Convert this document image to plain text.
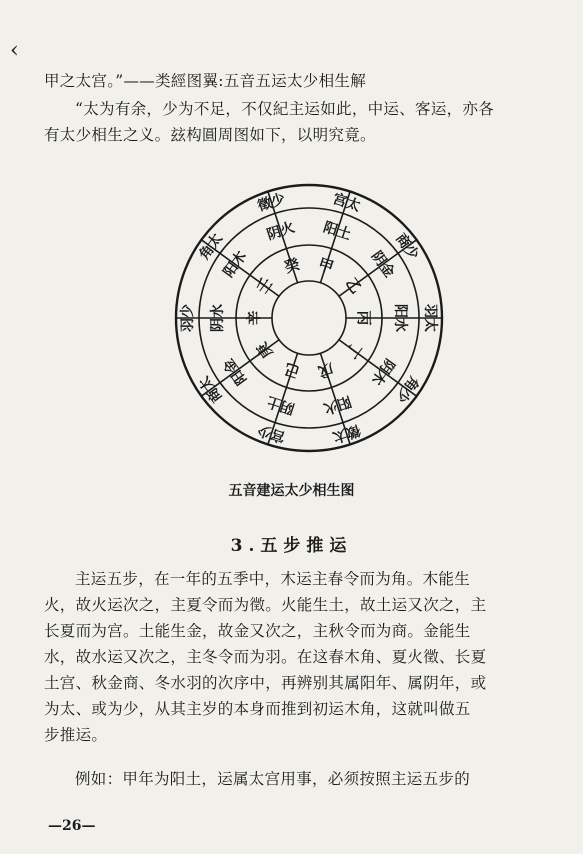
‹
甲之太宫。”——类經图翼:五音五运太少相生解
“太为有余，少为不足，不仅紀主运如此，中运、客运，亦各
有太少相生之义。玆构圓周图如下，以明究竟。
甲
乙
丙
丁
戊
己
庚
辛
壬
癸
阳土
阴金
阳水
阴木
阳火
阴土
阳金
阴水
阳木
阴火
宫太
商少
羽太
角少
徵太
宫少
商太
羽少
角太
徵少
五音建运太少相生图
3.五步推运
主运五步，在一年的五季中，木运主春令而为角。木能生
火，故火运次之，主夏令而为徵。火能生土，故土运又次之，主
长夏而为宫。土能生金，故金又次之，主秋令而为商。金能生
水，故水运又次之，主冬令而为羽。在这春木角、夏火徵、长夏
土宫、秋金商、冬水羽的次序中，再辨别其属阳年、属阴年，或
为太、或为少，从其主岁的本身而推到初运木角，这就叫做五
步推运。
例如：甲年为阳土，运属太宫用事，必须按照主运五步的
—26—
